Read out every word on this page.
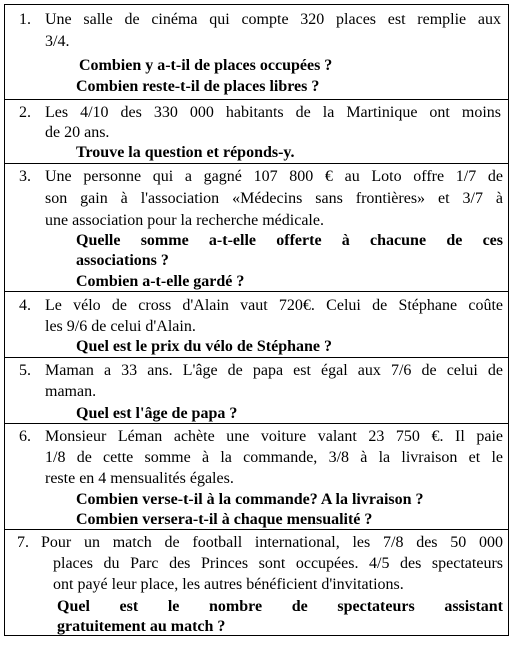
1. Une salle de cinéma qui compte 320 places est remplie aux
3/4.
Combien y a-t-il de places occupées ?
Combien reste-t-il de places libres ?
2. Les 4/10 des 330 000 habitants de la Martinique ont moins
de 20 ans.
Trouve la question et réponds-y.
3. Une personne qui a gagné 107 800 € au Loto offre 1/7 de
son gain à l'association «Médecins sans frontières» et 3/7 à
une association pour la recherche médicale.
Quelle somme a-t-elle offerte à chacune de ces
associations ?
Combien a-t-elle gardé ?
4. Le vélo de cross d'Alain vaut 720€. Celui de Stéphane coûte
les 9/6 de celui d'Alain.
Quel est le prix du vélo de Stéphane ?
5. Maman a 33 ans. L'âge de papa est égal aux 7/6 de celui de
maman.
Quel est l'âge de papa ?
6. Monsieur Léman achète une voiture valant 23 750 €. Il paie
1/8 de cette somme à la commande, 3/8 à la livraison et le
reste en 4 mensualités égales.
Combien verse-t-il à la commande? A la livraison ?
Combien versera-t-il à chaque mensualité ?
7. Pour un match de football international, les 7/8 des 50 000
places du Parc des Princes sont occupées. 4/5 des spectateurs
ont payé leur place, les autres bénéficient d'invitations.
Quel est le nombre de spectateurs assistant
gratuitement au match ?
